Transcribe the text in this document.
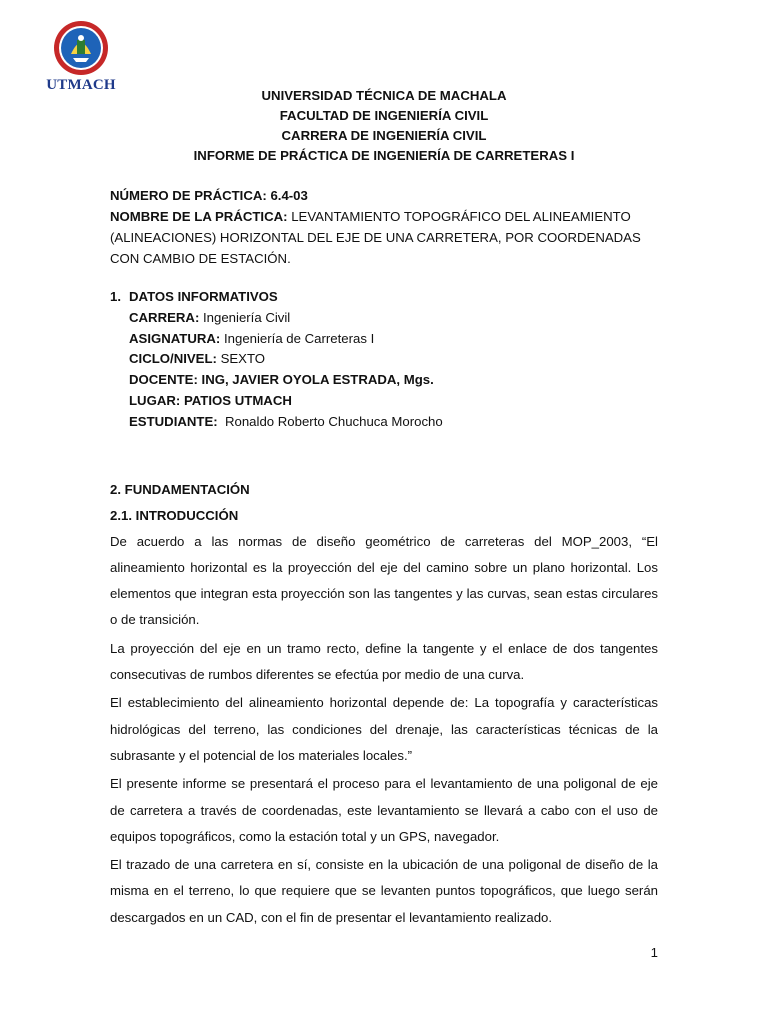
UTMACH
UNIVERSIDAD TÉCNICA DE MACHALA
FACULTAD DE INGENIERÍA CIVIL
CARRERA DE INGENIERÍA CIVIL
INFORME DE PRÁCTICA DE INGENIERÍA DE CARRETERAS I
NÚMERO DE PRÁCTICA: 6.4-03
NOMBRE DE LA PRÁCTICA: LEVANTAMIENTO TOPOGRÁFICO DEL ALINEAMIENTO (ALINEACIONES) HORIZONTAL DEL EJE DE UNA CARRETERA, POR COORDENADAS CON CAMBIO DE ESTACIÓN.
1. DATOS INFORMATIVOS
CARRERA: Ingeniería Civil
ASIGNATURA: Ingeniería de Carreteras I
CICLO/NIVEL: SEXTO
DOCENTE: ING, JAVIER OYOLA ESTRADA, Mgs.
LUGAR: PATIOS UTMACH
ESTUDIANTE:  Ronaldo Roberto Chuchuca Morocho
2. FUNDAMENTACIÓN
2.1. INTRODUCCIÓN
De acuerdo a las normas de diseño geométrico de carreteras del MOP_2003, “El alineamiento horizontal es la proyección del eje del camino sobre un plano horizontal. Los elementos que integran esta proyección son las tangentes y las curvas, sean estas circulares o de transición.
La proyección del eje en un tramo recto, define la tangente y el enlace de dos tangentes consecutivas de rumbos diferentes se efectúa por medio de una curva.
El establecimiento del alineamiento horizontal depende de: La topografía y características hidrológicas del terreno, las condiciones del drenaje, las características técnicas de la subrasante y el potencial de los materiales locales.”
El presente informe se presentará el proceso para el levantamiento de una poligonal de eje de carretera a través de coordenadas, este levantamiento se llevará a cabo con el uso de equipos topográficos, como la estación total y un GPS, navegador.
El trazado de una carretera en sí, consiste en la ubicación de una poligonal de diseño de la misma en el terreno, lo que requiere que se levanten puntos topográficos, que luego serán descargados en un CAD, con el fin de presentar el levantamiento realizado.
1
